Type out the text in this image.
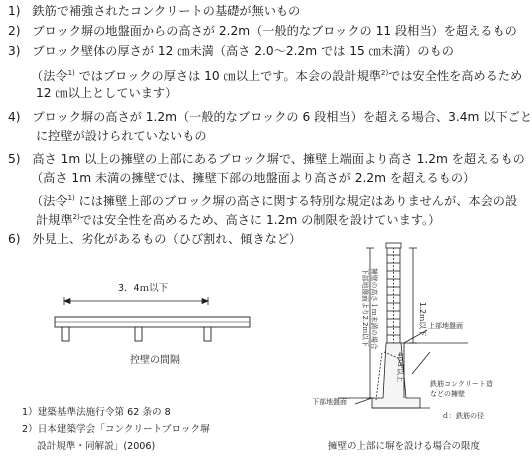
1) 鉄筋で補強されたコンクリートの基礎が無いもの
2) ブロック塀の地盤面からの高さが 2.2m（一般的なブロックの 11 段相当）を超えるもの
3) ブロック壁体の厚さが 12 ㎝未満（高さ 2.0～2.2m では 15 ㎝未満）のもの
（法令$^{1)}$ ではブロックの厚さは 10 ㎝以上です。本会の設計規準$^{2)}$では安全性を高めるため
12 ㎝以上としています）
4) ブロック塀の高さが 1.2m（一般的なブロックの 6 段相当）を超える場合、3.4m 以下ごと
に控壁が設けられていないもの
5) 高さ 1m 以上の擁壁の上部にあるブロック塀で、擁壁上端面より高さ 1.2m を超えるもの
（高さ 1m 未満の擁壁では、擁壁下部の地盤面より高さが 2.2m を超えるもの）
（法令$^{1)}$ には擁壁上部のブロック塀の高さに関する特別な規定はありませんが、本会の設
計規準$^{2)}$では安全性を高めるため、高さに 1.2m の制限を設けています。）
6) 外見上、劣化があるもの（ひび割れ、傾きなど）
3．4ｍ以下
控壁の間隔
1.2ｍ以下
40ｄ以上
擁壁の高さ１ｍ未満の場合
下部地盤面より2.2ｍ以下	上部地盤面
下部地盤面
鉄筋コンクリート造
などの擁壁
ｄ：鉄筋の径
擁壁の上部に塀を設ける場合の限度
1）建築基準法施行令第 62 条の 8
2）日本建築学会「コンクリートブロック塀
設計規準・同解説」(2006)
